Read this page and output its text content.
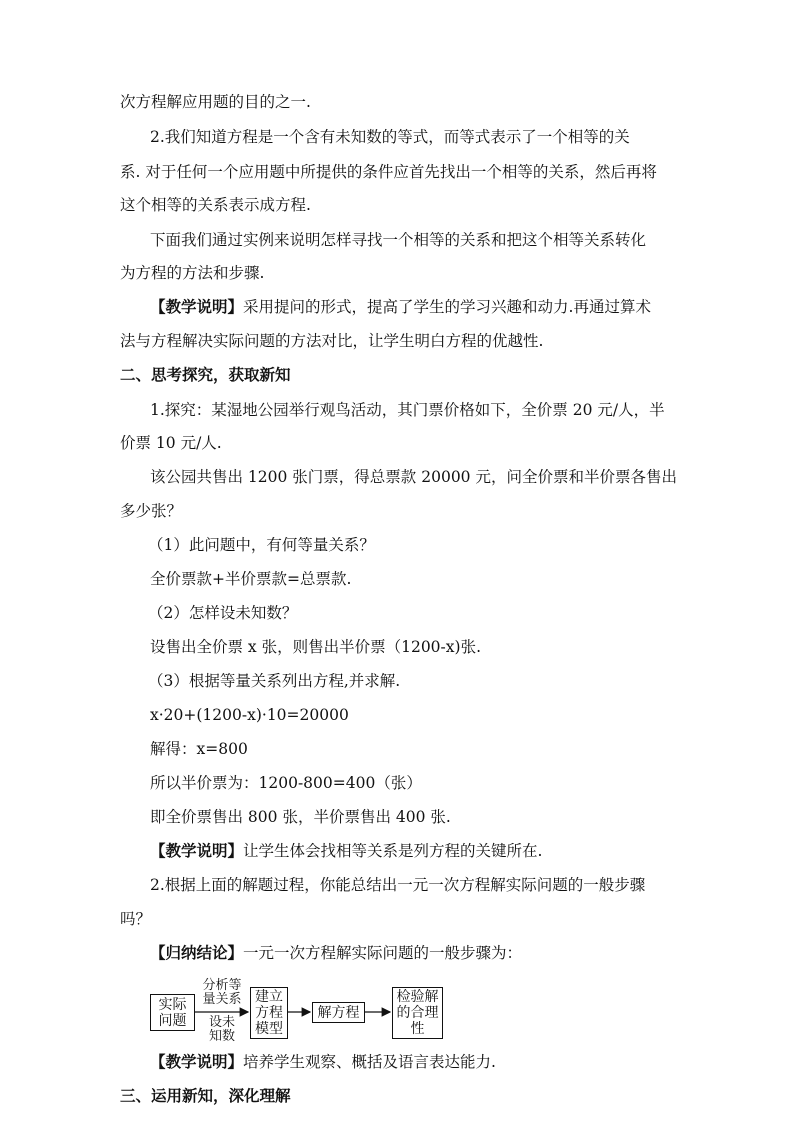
次方程解应用题的目的之一.
2.我们知道方程是一个含有未知数的等式，而等式表示了一个相等的关
系. 对于任何一个应用题中所提供的条件应首先找出一个相等的关系，然后再将
这个相等的关系表示成方程.
下面我们通过实例来说明怎样寻找一个相等的关系和把这个相等关系转化
为方程的方法和步骤.
【教学说明】采用提问的形式，提高了学生的学习兴趣和动力.再通过算术
法与方程解决实际问题的方法对比，让学生明白方程的优越性.
二、思考探究，获取新知
1.探究：某湿地公园举行观鸟活动，其门票价格如下，全价票 20 元/人，半
价票 10 元/人.
该公园共售出 1200 张门票，得总票款 20000 元，问全价票和半价票各售出
多少张？
（1）此问题中，有何等量关系？
全价票款+半价票款=总票款.
（2）怎样设未知数？
设售出全价票 x 张，则售出半价票（1200-x)张.
（3）根据等量关系列出方程,并求解.
x·20+(1200-x)·10=20000
解得：x=800
所以半价票为：1200-800=400（张）
即全价票售出 800 张，半价票售出 400 张.
【教学说明】让学生体会找相等关系是列方程的关键所在.
2.根据上面的解题过程，你能总结出一元一次方程解实际问题的一般步骤
吗？
【归纳结论】一元一次方程解实际问题的一般步骤为：
实际
问题
分析等
量关系
设未
知数
建立
方程
模型
解方程
检验解
的合理
性
【教学说明】培养学生观察、概括及语言表达能力.
三、运用新知，深化理解
